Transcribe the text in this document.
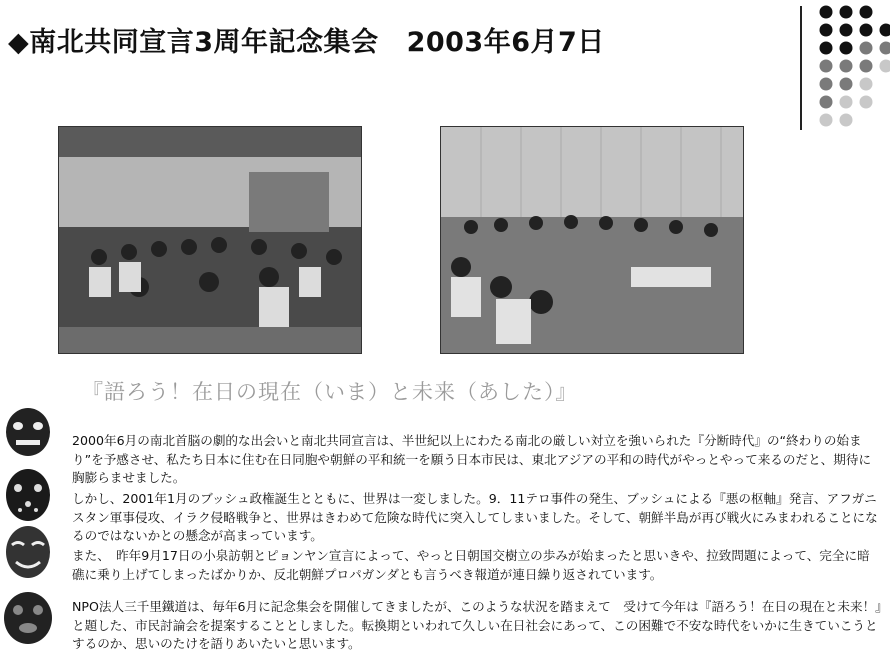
◆南北共同宣言3周年記念集会 2003年6月7日
『語ろう！在日の現在（いま）と未来（あした）』

2000年6月の南北首脳の劇的な出会いと南北共同宣言は、半世紀以上にわたる南北の厳しい対立を強いられた『分断時代』の“終わりの始まり”を予感させ、私たち日本に住む在日同胞や朝鮮の平和統一を願う日本市民は、東北アジアの平和の時代がやっとやって来るのだと、期待に胸膨らませました。

しかし、2001年1月のブッシュ政権誕生とともに、世界は一変しました。9．11テロ事件の発生、ブッシュによる『悪の枢軸』発言、アフガニスタン軍事侵攻、イラク侵略戦争と、世界はきわめて危険な時代に突入してしまいました。そして、朝鮮半島が再び戦火にみまわれることになるのではないかとの懸念が高まっています。

また、　昨年9月17日の小泉訪朝とピョンヤン宣言によって、やっと日朝国交樹立の歩みが始まったと思いきや、拉致問題によって、完全に暗礁に乗り上げてしまったばかりか、反北朝鮮プロパガンダとも言うべき報道が連日繰り返されています。

NPO法人三千里鐵道は、毎年6月に記念集会を開催してきましたが、このような状況を踏まえて　受けて今年は『語ろう！在日の現在と未来！』と題した、市民討論会を提案することとしました。転換期といわれて久しい在日社会にあって、この困難で不安な時代をいかに生きていこうとするのか、思いのたけを語りあいたいと思います。
